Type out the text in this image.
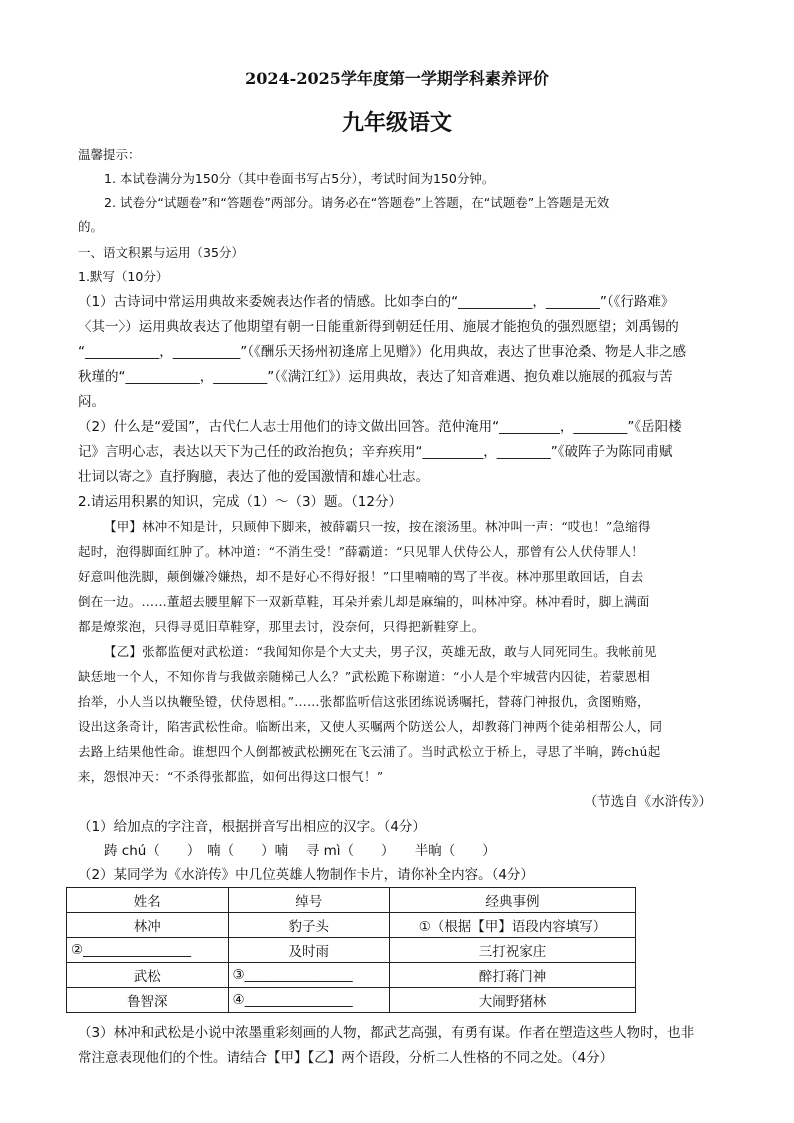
2024-2025学年度第一学期学科素养评价
九年级语文
温馨提示：
1. 本试卷满分为150分（其中卷面书写占5分），考试时间为150分钟。
2. 试卷分“试题卷”和“答题卷”两部分。请务必在“答题卷”上答题，在“试题卷”上答题是无效
的。
一、语文积累与运用（35分）
1.默写（10分）
（1）古诗词中常运用典故来委婉表达作者的情感。比如李白的“___________，________”（《行路难》
〈其一〉）运用典故表达了他期望有朝一日能重新得到朝廷任用、施展才能抱负的强烈愿望；刘禹锡的
“___________，__________”（《酬乐天扬州初逢席上见赠》）化用典故，表达了世事沧桑、物是人非之感
秋瑾的“___________，________”（《满江红》）运用典故，表达了知音难遇、抱负难以施展的孤寂与苦
闷。
（2）什么是“爱国”，古代仁人志士用他们的诗文做出回答。范仲淹用“_________，________”《岳阳楼
记》言明心志，表达以天下为己任的政治抱负；辛弃疾用“_________，________”《破阵子为陈同甫赋
壮词以寄之》直抒胸臆，表达了他的爱国激情和雄心壮志。
2.请运用积累的知识，完成（1）～（3）题。（12分）
【甲】林冲不知是计，只顾伸下脚来，被薛霸只一按，按在滚汤里。林冲叫一声：“哎也！”急缩得
起时，泡得脚面红肿了。林冲道：“不消生受！”薛霸道：“只见罪人伏侍公人，那曾有公人伏侍罪人！
好意叫他洗脚，颠倒嫌冷嫌热，却不是好心不得好报！”口里喃喃的骂了半夜。林冲那里敢回话，自去
倒在一边。……董超去腰里解下一双新草鞋，耳朵并索儿却是麻编的，叫林冲穿。林冲看时，脚上满面
都是燎浆泡，只得寻觅旧草鞋穿，那里去讨，没奈何，只得把新鞋穿上。
【乙】张都监便对武松道：“我闻知你是个大丈夫，男子汉，英雄无敌，敢与人同死同生。我帐前见
缺恁地一个人，不知你肯与我做亲随梯己人么？”武松跪下称谢道：“小人是个牢城营内囚徒，若蒙恩相
抬举，小人当以执鞭坠镫，伏侍恩相。”……张都监听信这张团练说诱嘱托，替蒋门神报仇，贪图贿赂，
设出这条奇计，陷害武松性命。临断出来，又使人买嘱两个防送公人，却教蒋门神两个徒弟相帮公人，同
去路上结果他性命。谁想四个人倒都被武松搠死在飞云浦了。当时武松立于桥上，寻思了半晌，踌chú起
来，怨恨冲天：“不杀得张都监，如何出得这口恨气！”
（节选自《水浒传》）
（1）给加点的字注音，根据拼音写出相应的汉字。（4分）
踌 chú（　　）　喃（　　）喃　 寻 mì（　　）　　半晌（　　）
（2）某同学为《水浒传》中几位英雄人物制作卡片，请你补全内容。（4分）
姓名	绰号	经典事例
林冲	豹子头	①（根据【甲】语段内容填写）
②________________	及时雨	三打祝家庄
武松	③________________	醉打蒋门神
鲁智深	④________________	大闹野猪林
（3）林冲和武松是小说中浓墨重彩刻画的人物，都武艺高强，有勇有谋。作者在塑造这些人物时，也非
常注意表现他们的个性。请结合【甲】【乙】两个语段，分析二人性格的不同之处。（4分）
